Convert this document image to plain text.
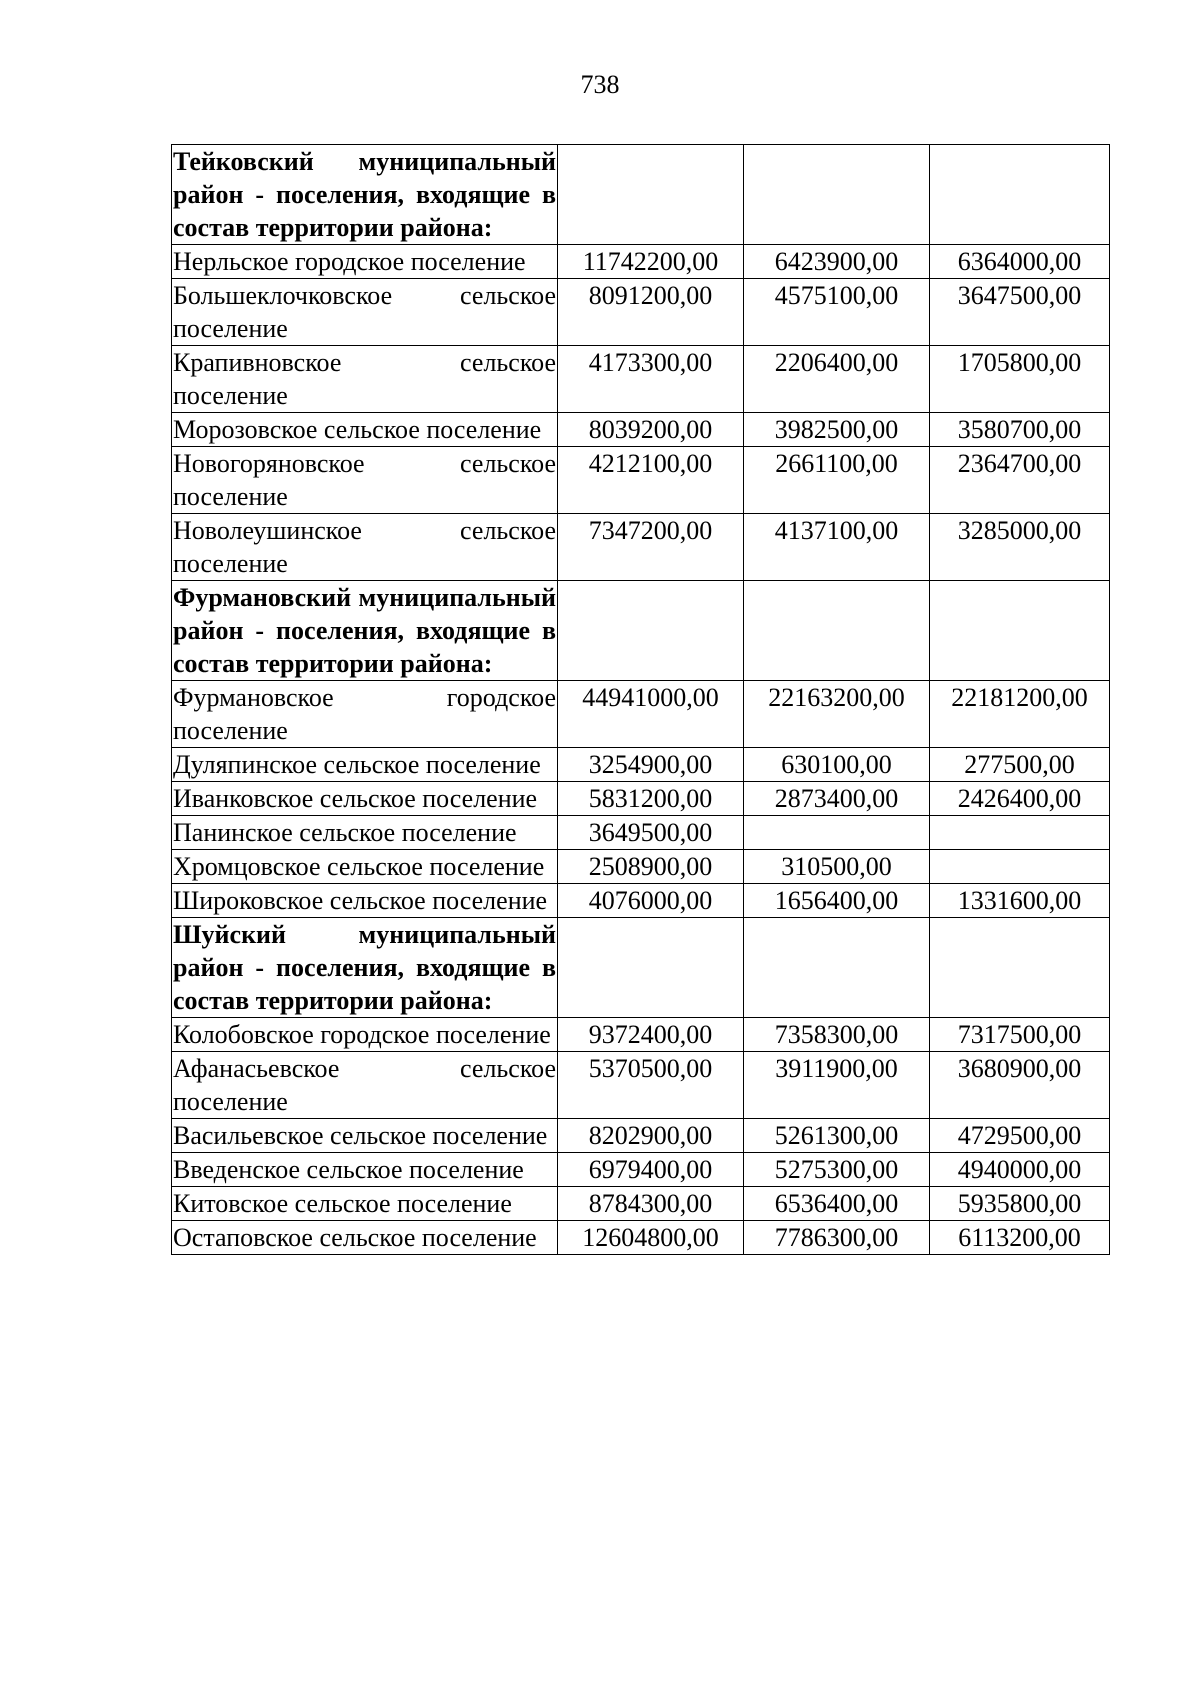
738
Тейковский муниципальный район - поселения, входящие в состав территории района:			
Нерльское городское поселение	11742200,00	6423900,00	6364000,00
Большеклочковское сельское поселение	8091200,00	4575100,00	3647500,00
Крапивновское сельское поселение	4173300,00	2206400,00	1705800,00
Морозовское сельское поселение	8039200,00	3982500,00	3580700,00
Новогоряновское сельское поселение	4212100,00	2661100,00	2364700,00
Новолеушинское сельское поселение	7347200,00	4137100,00	3285000,00
Фурмановский муниципальный район - поселения, входящие в состав территории района:			
Фурмановское городское поселение	44941000,00	22163200,00	22181200,00
Дуляпинское сельское поселение	3254900,00	630100,00	277500,00
Иванковское сельское поселение	5831200,00	2873400,00	2426400,00
Панинское сельское поселение	3649500,00		
Хромцовское сельское поселение	2508900,00	310500,00	
Широковское сельское поселение	4076000,00	1656400,00	1331600,00
Шуйский муниципальный район - поселения, входящие в состав территории района:			
Колобовское городское поселение	9372400,00	7358300,00	7317500,00
Афанасьевское сельское поселение	5370500,00	3911900,00	3680900,00
Васильевское сельское поселение	8202900,00	5261300,00	4729500,00
Введенское сельское поселение	6979400,00	5275300,00	4940000,00
Китовское сельское поселение	8784300,00	6536400,00	5935800,00
Остаповское сельское поселение	12604800,00	7786300,00	6113200,00
